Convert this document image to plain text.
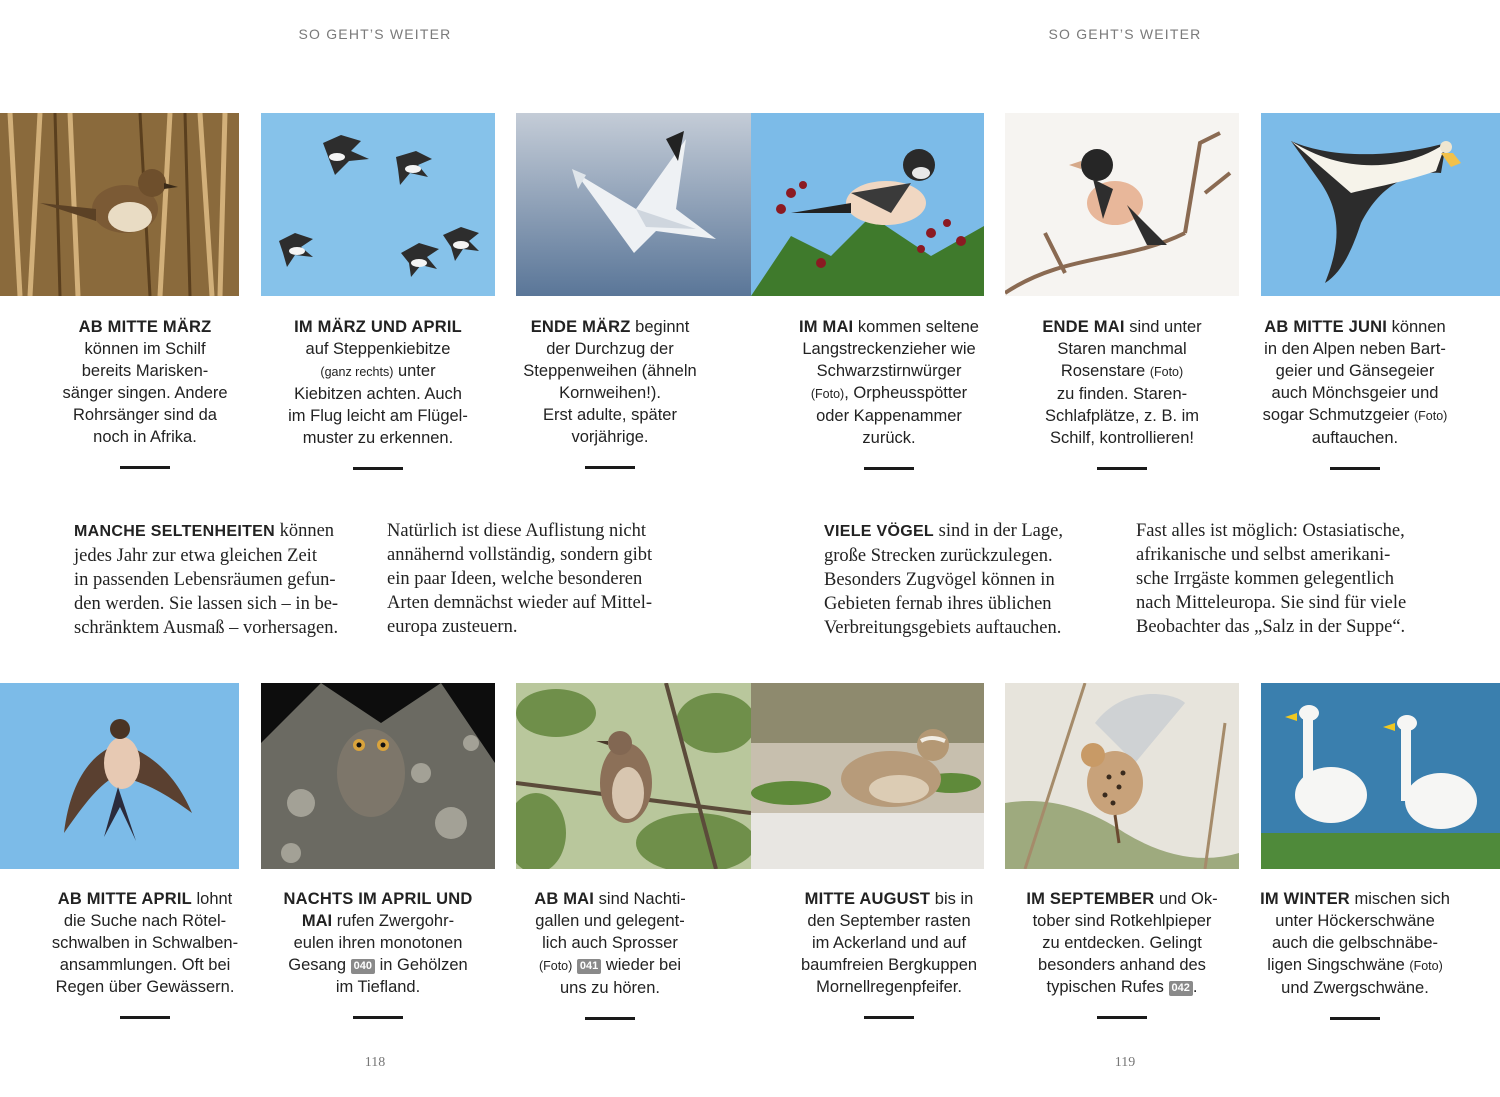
SO GEHT’S WEITER	SO GEHT’S WEITER
AB MITTE MÄRZ
können im Schilf
bereits Marisken-
sänger singen. Andere
Rohrsänger sind da
noch in Afrika.
IM MÄRZ UND APRIL
auf Steppenkiebitze
(ganz rechts) unter
Kiebitzen achten. Auch
im Flug leicht am Flügel-
muster zu erkennen.
ENDE MÄRZ beginnt
der Durchzug der
Steppenweihen (ähneln
Kornweihen!).
Erst adulte, später
vorjährige.
IM MAI kommen seltene
Langstreckenzieher wie
Schwarzstirnwürger
(Foto), Orpheusspötter
oder Kappenammer
zurück.
ENDE MAI sind unter
Staren manchmal
Rosenstare (Foto)
zu finden. Staren-
Schlafplätze, z. B. im
Schilf, kontrollieren!
AB MITTE JUNI können
in den Alpen neben Bart-
geier und Gänsegeier
auch Mönchsgeier und
sogar Schmutzgeier (Foto)
auftauchen.
MANCHE SELTENHEITEN können
jedes Jahr zur etwa gleichen Zeit
in passenden Lebensräumen gefun-
den werden. Sie lassen sich – in be-
schränktem Ausmaß – vorhersagen.
Natürlich ist diese Auflistung nicht
annähernd vollständig, sondern gibt
ein paar Ideen, welche besonderen
Arten demnächst wieder auf Mittel-
europa zusteuern.
VIELE VÖGEL sind in der Lage,
große Strecken zurückzulegen.
Besonders Zugvögel können in
Gebieten fernab ihres üblichen
Verbreitungsgebiets auftauchen.
Fast alles ist möglich: Ostasiatische,
afrikanische und selbst amerikani-
sche Irrgäste kommen gelegentlich
nach Mitteleuropa. Sie sind für viele
Beobachter das „Salz in der Suppe“.
AB MITTE APRIL lohnt
die Suche nach Rötel-
schwalben in Schwalben-
ansammlungen. Oft bei
Regen über Gewässern.
NACHTS IM APRIL UND
MAI rufen Zwergohr-
eulen ihren monotonen
Gesang 040 in Gehölzen
im Tiefland.
AB MAI sind Nachti-
gallen und gelegent-
lich auch Sprosser
(Foto) 041 wieder bei
uns zu hören.
MITTE AUGUST bis in
den September rasten
im Ackerland und auf
baumfreien Bergkuppen
Mornellregenpfeifer.
IM SEPTEMBER und Ok-
tober sind Rotkehlpieper
zu entdecken. Gelingt
besonders anhand des
typischen Rufes 042 .
IM WINTER mischen sich
unter Höckerschwäne
auch die gelbschnäbe-
ligen Singschwäne (Foto)
und Zwergschwäne.
118	119
